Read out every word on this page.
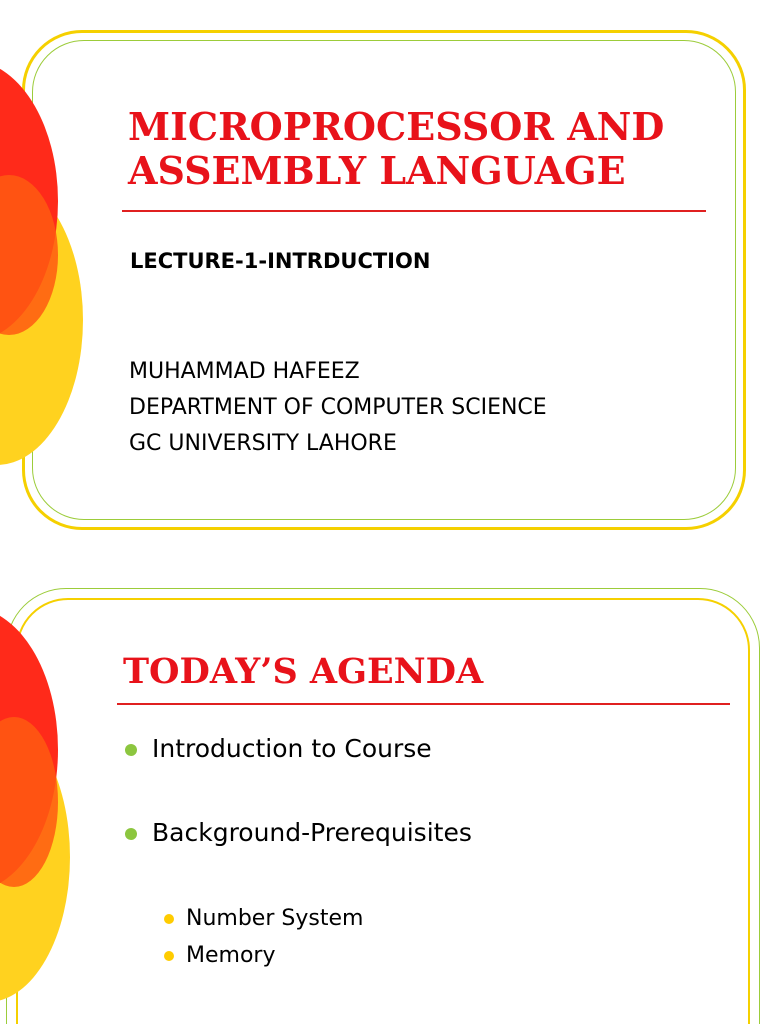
MICROPROCESSOR AND ASSEMBLY LANGUAGE

LECTURE-1-INTRDUCTION

MUHAMMAD HAFEEZ
DEPARTMENT OF COMPUTER SCIENCE
GC UNIVERSITY LAHORE
TODAY’S AGENDA
Introduction to Course
Background-Prerequisites
Number System
Memory
